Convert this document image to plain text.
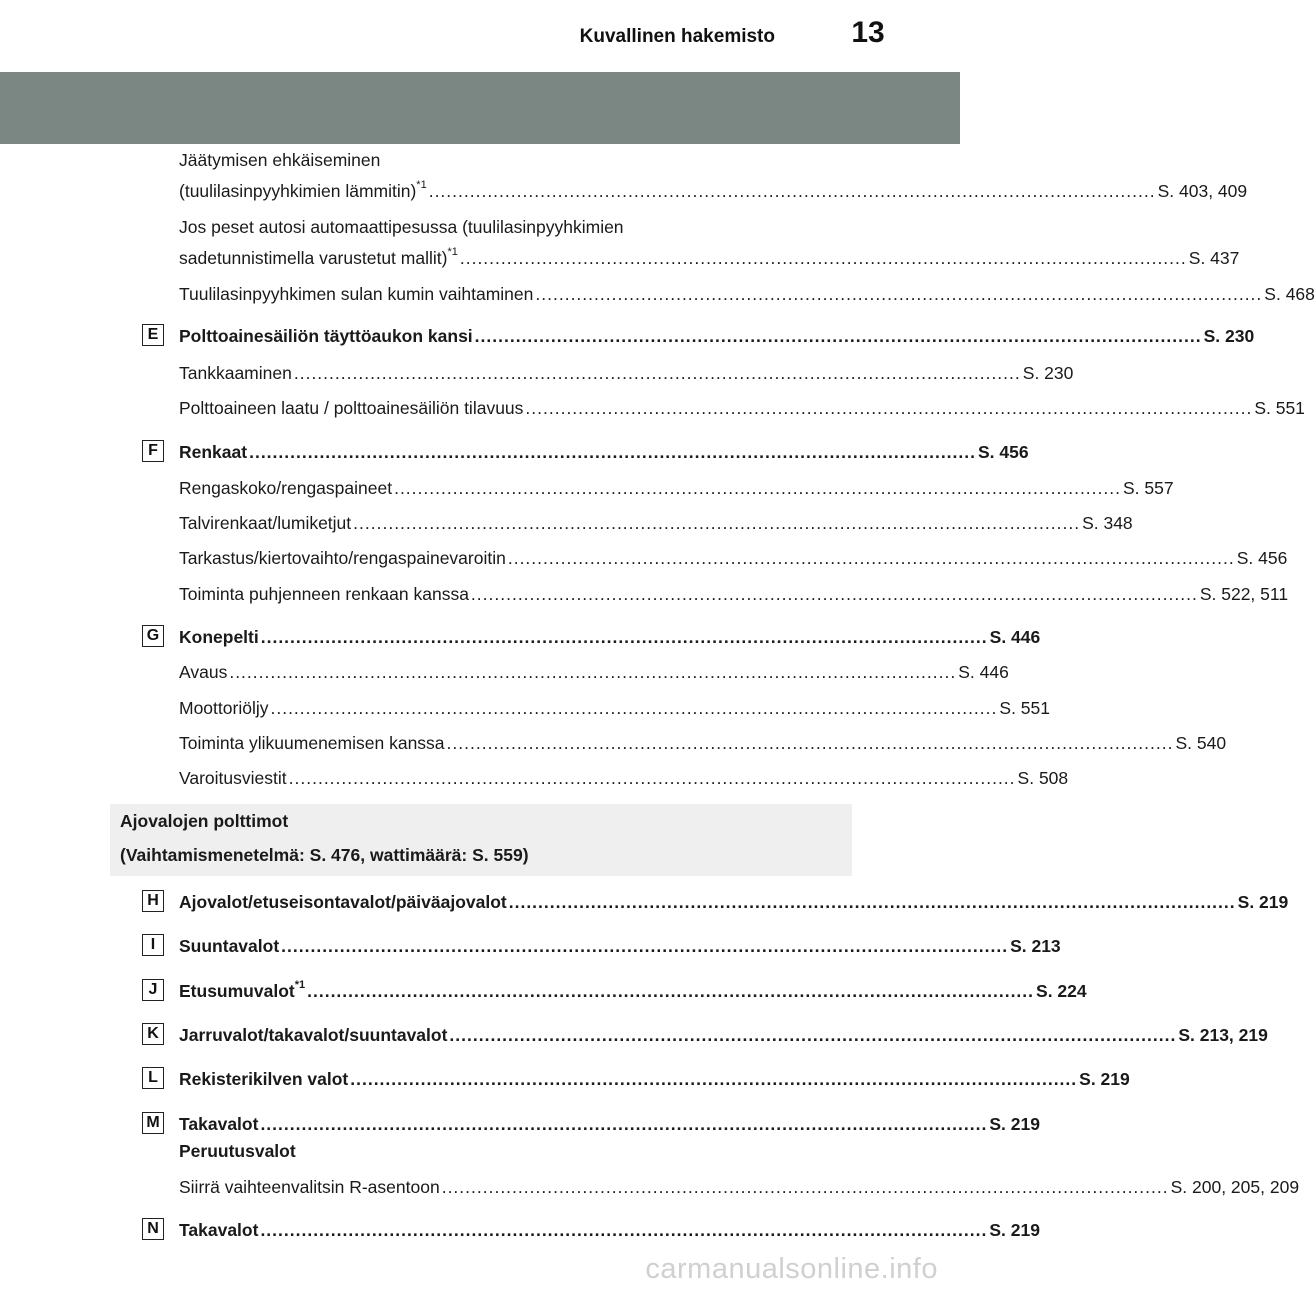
Kuvallinen hakemisto	13
Jäätymisen ehkäiseminen
(tuulilasinpyyhkimien lämmitin)$^{*1}$ ............................................................................................................................ S. 403, 409
Jos peset autosi automaattipesussa (tuulilasinpyyhkimien
sadetunnistimella varustetut mallit)$^{*1}$ ............................................................................................................................ S. 437
Tuulilasinpyyhkimen sulan kumin vaihtaminen ............................................................................................................................ S. 468
E	Polttoainesäiliön täyttöaukon kansi ............................................................................................................................ S. 230
Tankkaaminen ............................................................................................................................ S. 230
Polttoaineen laatu / polttoainesäiliön tilavuus ............................................................................................................................ S. 551
F	Renkaat ............................................................................................................................ S. 456
Rengaskoko/rengaspaineet ............................................................................................................................ S. 557
Talvirenkaat/lumiketjut ............................................................................................................................ S. 348
Tarkastus/kiertovaihto/rengaspainevaroitin ............................................................................................................................ S. 456
Toiminta puhjenneen renkaan kanssa ............................................................................................................................ S. 522, 511
G Konepelti ............................................................................................................................ S. 446
Avaus ............................................................................................................................ S. 446
Moottoriöljy ............................................................................................................................ S. 551
Toiminta ylikuumenemisen kanssa ............................................................................................................................ S. 540
Varoitusviestit ............................................................................................................................ S. 508
Ajovalojen polttimot
(Vaihtamismenetelmä: S. 476, wattimäärä: S. 559)
H Ajovalot/etuseisontavalot/päiväajovalot ............................................................................................................................ S. 219
I	Suuntavalot ............................................................................................................................ S. 213
J	Etusumuvalot$^{*1}$ ............................................................................................................................ S. 224
K Jarruvalot/takavalot/suuntavalot ............................................................................................................................ S. 213, 219
L	Rekisterikilven valot ............................................................................................................................ S. 219
M Takavalot ............................................................................................................................ S. 219
Peruutusvalot
Siirrä vaihteenvalitsin R-asentoon ............................................................................................................................ S. 200, 205, 209
N Takavalot ............................................................................................................................ S. 219
carmanualsonline.info
